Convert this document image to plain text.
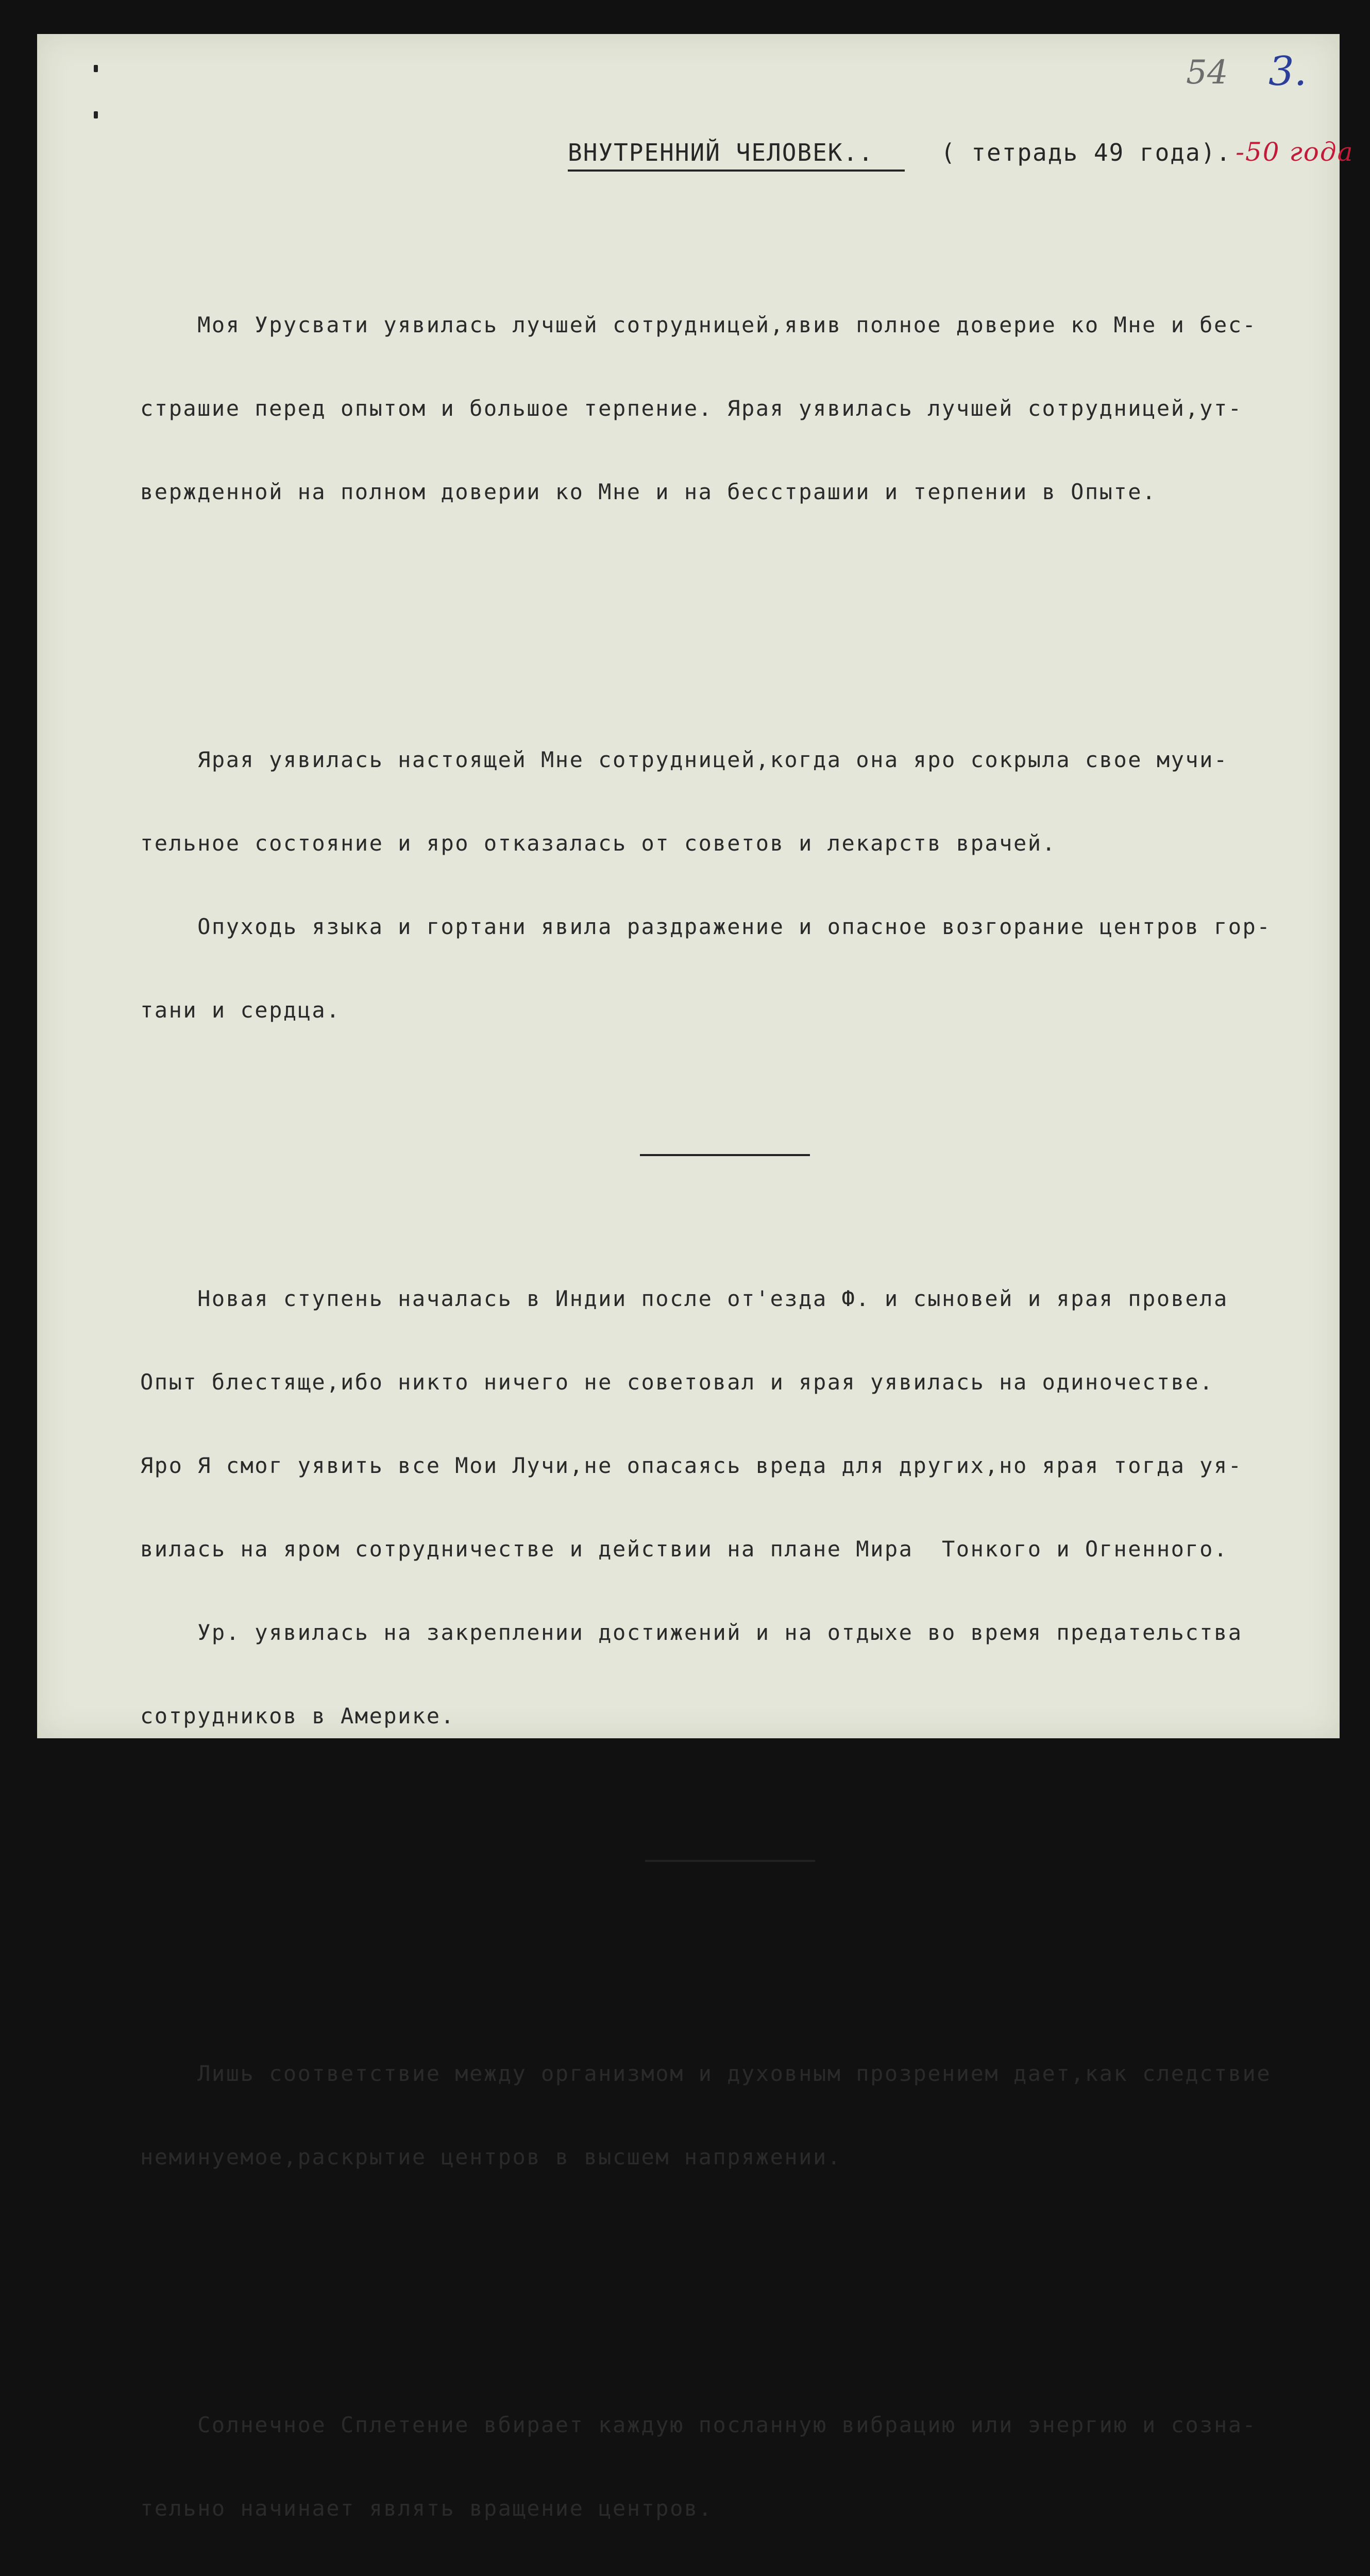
54 3.
ВНУТРЕННИЙ ЧЕЛОВЕК..	( тетрадь 49 года). -50 года

Моя Урусвати уявилась лучшей сотрудницей,явив полное доверие ко Мне и бес-

страшие перед опытом и большое терпение. Ярая уявилась лучшей сотрудницей,ут-

вержденной на полном доверии ко Мне и на бесстрашии и терпении в Опыте.

Ярая уявилась настоящей Мне сотрудницей,когда она яро сокрыла свое мучи-

тельное состояние и яро отказалась от советов и лекарств врачей.

Опуходь языка и гортани явила раздражение и опасное возгорание центров гор-

тани и сердца.

Новая ступень началась в Индии после от'езда Ф. и сыновей и ярая провела

Опыт блестяще,ибо никто ничего не советовал и ярая уявилась на одиночестве.

Яро Я смог уявить все Мои Лучи,не опасаясь вреда для других,но ярая тогда уя-

вилась на яром сотрудничестве и действии на плане Мира  Тонкого и Огненного.

Ур. уявилась на закреплении достижений и на отдыхе во время предательства

сотрудников в Америке.

Лишь соответствие между организмом и духовным прозрением дает,как следствие

неминуемое,раскрытие центров в высшем напряжении.

Солнечное Сплетение вбирает каждую посланную вибрацию или энергию и созна-

тельно начинает являть вращение центров.
